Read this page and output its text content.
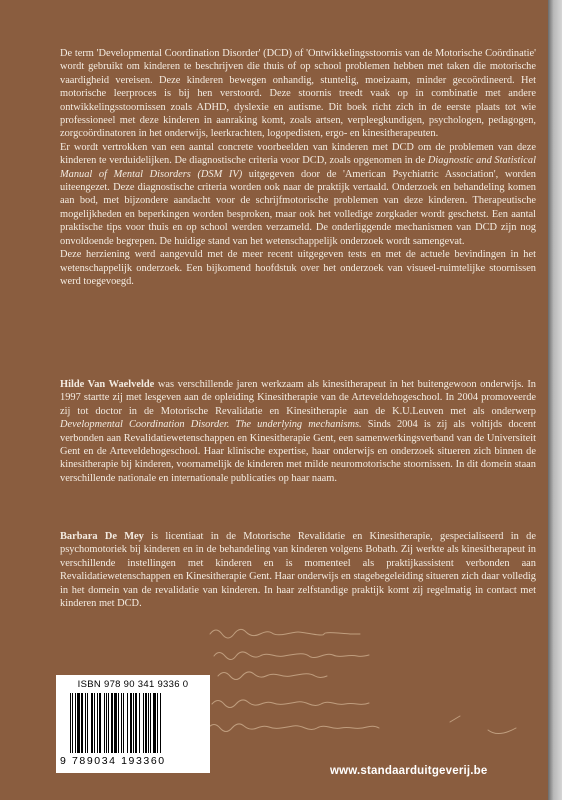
De term 'Developmental Coordination Disorder' (DCD) of 'Ontwikkelingsstoornis van de Motorische Coördinatie' wordt gebruikt om kinderen te beschrijven die thuis of op school problemen hebben met taken die motorische vaardigheid vereisen. Deze kinderen bewegen onhandig, stuntelig, moeizaam, minder gecoördineerd. Het motorische leerproces is bij hen verstoord. Deze stoornis treedt vaak op in combinatie met andere ontwikkelingsstoornissen zoals ADHD, dyslexie en autisme. Dit boek richt zich in de eerste plaats tot wie professioneel met deze kinderen in aanraking komt, zoals artsen, verpleegkundigen, psychologen, pedagogen, zorgcoördinatoren in het onderwijs, leerkrachten, logopedisten, ergo- en kinesitherapeuten.

Er wordt vertrokken van een aantal concrete voorbeelden van kinderen met DCD om de problemen van deze kinderen te verduidelijken. De diagnostische criteria voor DCD, zoals opgenomen in de Diagnostic and Statistical Manual of Mental Disorders (DSM IV) uitgegeven door de 'American Psychiatric Association', worden uiteengezet. Deze diagnostische criteria worden ook naar de praktijk vertaald. Onderzoek en behandeling komen aan bod, met bijzondere aandacht voor de schrijfmotorische problemen van deze kinderen. Therapeutische mogelijkheden en beperkingen worden besproken, maar ook het volledige zorgkader wordt geschetst. Een aantal praktische tips voor thuis en op school werden verzameld. De onderliggende mechanismen van DCD zijn nog onvoldoende begrepen. De huidige stand van het wetenschappelijk onderzoek wordt samengevat.

Deze herziening werd aangevuld met de meer recent uitgegeven tests en met de actuele bevindingen in het wetenschappelijk onderzoek. Een bijkomend hoofdstuk over het onderzoek van visueel-ruimtelijke stoornissen werd toegevoegd.

Hilde Van Waelvelde was verschillende jaren werkzaam als kinesitherapeut in het buitengewoon onderwijs. In 1997 startte zij met lesgeven aan de opleiding Kinesitherapie van de Arteveldehogeschool. In 2004 promoveerde zij tot doctor in de Motorische Revalidatie en Kinesitherapie aan de K.U.Leuven met als onderwerp Developmental Coordination Disorder. The underlying mechanisms. Sinds 2004 is zij als voltijds docent verbonden aan Revalidatiewetenschappen en Kinesitherapie Gent, een samenwerkingsverband van de Universiteit Gent en de Arteveldehogeschool. Haar klinische expertise, haar onderwijs en onderzoek situeren zich binnen de kinesitherapie bij kinderen, voornamelijk de kinderen met milde neuromotorische stoornissen. In dit domein staan verschillende nationale en internationale publicaties op haar naam.

Barbara De Mey is licentiaat in de Motorische Revalidatie en Kinesitherapie, gespecialiseerd in de psychomotoriek bij kinderen en in de behandeling van kinderen volgens Bobath. Zij werkte als kinesitherapeut in verschillende instellingen met kinderen en is momenteel als praktijkassistent verbonden aan Revalidatiewetenschappen en Kinesitherapie Gent. Haar onderwijs en stagebegeleiding situeren zich daar volledig in het domein van de revalidatie van kinderen. In haar zelfstandige praktijk komt zij regelmatig in contact met kinderen met DCD.

ISBN 978 90 341 9336 0
9 789034 193360
www.standaarduitgeverij.be
